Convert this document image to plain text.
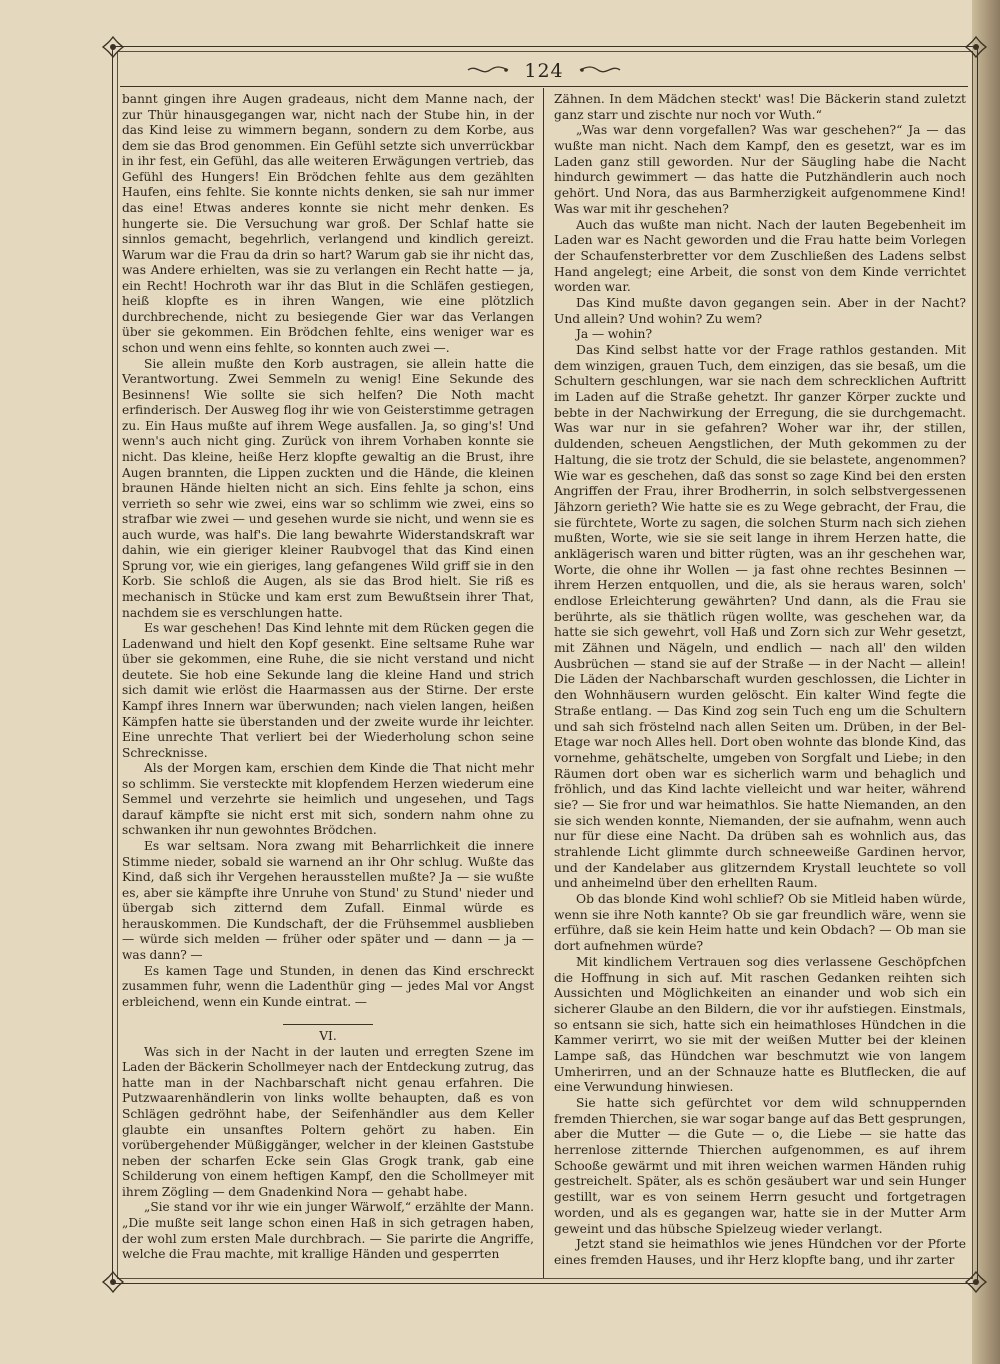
124

bannt gingen ihre Augen gradeaus, nicht dem Manne nach, der zur Thür hinausgegangen war, nicht nach der Stube hin, in der das Kind leise zu wimmern begann, sondern zu dem Korbe, aus dem sie das Brod genommen. Ein Gefühl setzte sich unverrückbar in ihr fest, ein Gefühl, das alle weiteren Erwägungen vertrieb, das Gefühl des Hungers! Ein Brödchen fehlte aus dem gezählten Haufen, eins fehlte. Sie konnte nichts denken, sie sah nur immer das eine! Etwas anderes konnte sie nicht mehr denken. Es hungerte sie. Die Versuchung war groß. Der Schlaf hatte sie sinnlos gemacht, begehrlich, verlangend und kindlich gereizt. Warum war die Frau da drin so hart? Warum gab sie ihr nicht das, was Andere erhielten, was sie zu verlangen ein Recht hatte — ja, ein Recht! Hochroth war ihr das Blut in die Schläfen gestiegen, heiß klopfte es in ihren Wangen, wie eine plötzlich durchbrechende, nicht zu besiegende Gier war das Verlangen über sie gekommen. Ein Brödchen fehlte, eins weniger war es schon und wenn eins fehlte, so konnten auch zwei —.

Sie allein mußte den Korb austragen, sie allein hatte die Verantwortung. Zwei Semmeln zu wenig! Eine Sekunde des Besinnens! Wie sollte sie sich helfen? Die Noth macht erfinderisch. Der Ausweg flog ihr wie von Geisterstimme getragen zu. Ein Haus mußte auf ihrem Wege ausfallen. Ja, so ging's! Und wenn's auch nicht ging. Zurück von ihrem Vorhaben konnte sie nicht. Das kleine, heiße Herz klopfte gewaltig an die Brust, ihre Augen brannten, die Lippen zuckten und die Hände, die kleinen braunen Hände hielten nicht an sich. Eins fehlte ja schon, eins verrieth so sehr wie zwei, eins war so schlimm wie zwei, eins so strafbar wie zwei — und gesehen wurde sie nicht, und wenn sie es auch wurde, was half's. Die lang bewahrte Widerstandskraft war dahin, wie ein gieriger kleiner Raubvogel that das Kind einen Sprung vor, wie ein gieriges, lang gefangenes Wild griff sie in den Korb. Sie schloß die Augen, als sie das Brod hielt. Sie riß es mechanisch in Stücke und kam erst zum Bewußtsein ihrer That, nachdem sie es verschlungen hatte.

Es war geschehen! Das Kind lehnte mit dem Rücken gegen die Ladenwand und hielt den Kopf gesenkt. Eine seltsame Ruhe war über sie gekommen, eine Ruhe, die sie nicht verstand und nicht deutete. Sie hob eine Sekunde lang die kleine Hand und strich sich damit wie erlöst die Haarmassen aus der Stirne. Der erste Kampf ihres Innern war überwunden; nach vielen langen, heißen Kämpfen hatte sie überstanden und der zweite wurde ihr leichter. Eine unrechte That verliert bei der Wiederholung schon seine Schrecknisse.

Als der Morgen kam, erschien dem Kinde die That nicht mehr so schlimm. Sie versteckte mit klopfendem Herzen wiederum eine Semmel und verzehrte sie heimlich und ungesehen, und Tags darauf kämpfte sie nicht erst mit sich, sondern nahm ohne zu schwanken ihr nun gewohntes Brödchen.

Es war seltsam. Nora zwang mit Beharrlichkeit die innere Stimme nieder, sobald sie warnend an ihr Ohr schlug. Wußte das Kind, daß sich ihr Vergehen herausstellen mußte? Ja — sie wußte es, aber sie kämpfte ihre Unruhe von Stund' zu Stund' nieder und übergab sich zitternd dem Zufall. Einmal würde es herauskommen. Die Kundschaft, der die Frühsemmel ausblieben — würde sich melden — früher oder später und — dann — ja — was dann? —

Es kamen Tage und Stunden, in denen das Kind erschreckt zusammen fuhr, wenn die Ladenthür ging — jedes Mal vor Angst erbleichend, wenn ein Kunde eintrat. —

VI.

Was sich in der Nacht in der lauten und erregten Szene im Laden der Bäckerin Schollmeyer nach der Entdeckung zutrug, das hatte man in der Nachbarschaft nicht genau erfahren. Die Putzwaarenhändlerin von links wollte behaupten, daß es von Schlägen gedröhnt habe, der Seifenhändler aus dem Keller glaubte ein unsanftes Poltern gehört zu haben. Ein vorübergehender Müßiggänger, welcher in der kleinen Gaststube neben der scharfen Ecke sein Glas Grogk trank, gab eine Schilderung von einem heftigen Kampf, den die Schollmeyer mit ihrem Zögling — dem Gnadenkind Nora — gehabt habe.

„Sie stand vor ihr wie ein junger Wärwolf,“ erzählte der Mann. „Die mußte seit lange schon einen Haß in sich getragen haben, der wohl zum ersten Male durchbrach. — Sie parirte die Angriffe, welche die Frau machte, mit krallige Händen und gesperrten

Zähnen. In dem Mädchen steckt' was! Die Bäckerin stand zuletzt ganz starr und zischte nur noch vor Wuth.“

„Was war denn vorgefallen? Was war geschehen?“ Ja — das wußte man nicht. Nach dem Kampf, den es gesetzt, war es im Laden ganz still geworden. Nur der Säugling habe die Nacht hindurch gewimmert — das hatte die Putzhändlerin auch noch gehört. Und Nora, das aus Barmherzigkeit aufgenommene Kind! Was war mit ihr geschehen?

Auch das wußte man nicht. Nach der lauten Begebenheit im Laden war es Nacht geworden und die Frau hatte beim Vorlegen der Schaufensterbretter vor dem Zuschließen des Ladens selbst Hand angelegt; eine Arbeit, die sonst von dem Kinde verrichtet worden war.

Das Kind mußte davon gegangen sein. Aber in der Nacht? Und allein? Und wohin? Zu wem?

Ja — wohin?

Das Kind selbst hatte vor der Frage rathlos gestanden. Mit dem winzigen, grauen Tuch, dem einzigen, das sie besaß, um die Schultern geschlungen, war sie nach dem schrecklichen Auftritt im Laden auf die Straße gehetzt. Ihr ganzer Körper zuckte und bebte in der Nachwirkung der Erregung, die sie durchgemacht. Was war nur in sie gefahren? Woher war ihr, der stillen, duldenden, scheuen Aengstlichen, der Muth gekommen zu der Haltung, die sie trotz der Schuld, die sie belastete, angenommen? Wie war es geschehen, daß das sonst so zage Kind bei den ersten Angriffen der Frau, ihrer Brodherrin, in solch selbstvergessenen Jähzorn gerieth? Wie hatte sie es zu Wege gebracht, der Frau, die sie fürchtete, Worte zu sagen, die solchen Sturm nach sich ziehen mußten, Worte, wie sie sie seit lange in ihrem Herzen hatte, die anklägerisch waren und bitter rügten, was an ihr geschehen war, Worte, die ohne ihr Wollen — ja fast ohne rechtes Besinnen — ihrem Herzen entquollen, und die, als sie heraus waren, solch' endlose Erleichterung gewährten? Und dann, als die Frau sie berührte, als sie thätlich rügen wollte, was geschehen war, da hatte sie sich gewehrt, voll Haß und Zorn sich zur Wehr gesetzt, mit Zähnen und Nägeln, und endlich — nach all' den wilden Ausbrüchen — stand sie auf der Straße — in der Nacht — allein! Die Läden der Nachbarschaft wurden geschlossen, die Lichter in den Wohnhäusern wurden gelöscht. Ein kalter Wind fegte die Straße entlang. — Das Kind zog sein Tuch eng um die Schultern und sah sich fröstelnd nach allen Seiten um. Drüben, in der Bel-Etage war noch Alles hell. Dort oben wohnte das blonde Kind, das vornehme, gehätschelte, umgeben von Sorgfalt und Liebe; in den Räumen dort oben war es sicherlich warm und behaglich und fröhlich, und das Kind lachte vielleicht und war heiter, während sie? — Sie fror und war heimathlos. Sie hatte Niemanden, an den sie sich wenden konnte, Niemanden, der sie aufnahm, wenn auch nur für diese eine Nacht. Da drüben sah es wohnlich aus, das strahlende Licht glimmte durch schneeweiße Gardinen hervor, und der Kandelaber aus glitzerndem Krystall leuchtete so voll und anheimelnd über den erhellten Raum.

Ob das blonde Kind wohl schlief? Ob sie Mitleid haben würde, wenn sie ihre Noth kannte? Ob sie gar freundlich wäre, wenn sie erführe, daß sie kein Heim hatte und kein Obdach? — Ob man sie dort aufnehmen würde?

Mit kindlichem Vertrauen sog dies verlassene Geschöpfchen die Hoffnung in sich auf. Mit raschen Gedanken reihten sich Aussichten und Möglichkeiten an einander und wob sich ein sicherer Glaube an den Bildern, die vor ihr aufstiegen. Einstmals, so entsann sie sich, hatte sich ein heimathloses Hündchen in die Kammer verirrt, wo sie mit der weißen Mutter bei der kleinen Lampe saß, das Hündchen war beschmutzt wie von langem Umherirren, und an der Schnauze hatte es Blutflecken, die auf eine Verwundung hinwiesen.

Sie hatte sich gefürchtet vor dem wild schnuppernden fremden Thierchen, sie war sogar bange auf das Bett gesprungen, aber die Mutter — die Gute — o, die Liebe — sie hatte das herrenlose zitternde Thierchen aufgenommen, es auf ihrem Schooße gewärmt und mit ihren weichen warmen Händen ruhig gestreichelt. Später, als es schön gesäubert war und sein Hunger gestillt, war es von seinem Herrn gesucht und fortgetragen worden, und als es gegangen war, hatte sie in der Mutter Arm geweint und das hübsche Spielzeug wieder verlangt.

Jetzt stand sie heimathlos wie jenes Hündchen vor der Pforte eines fremden Hauses, und ihr Herz klopfte bang, und ihr zarter
